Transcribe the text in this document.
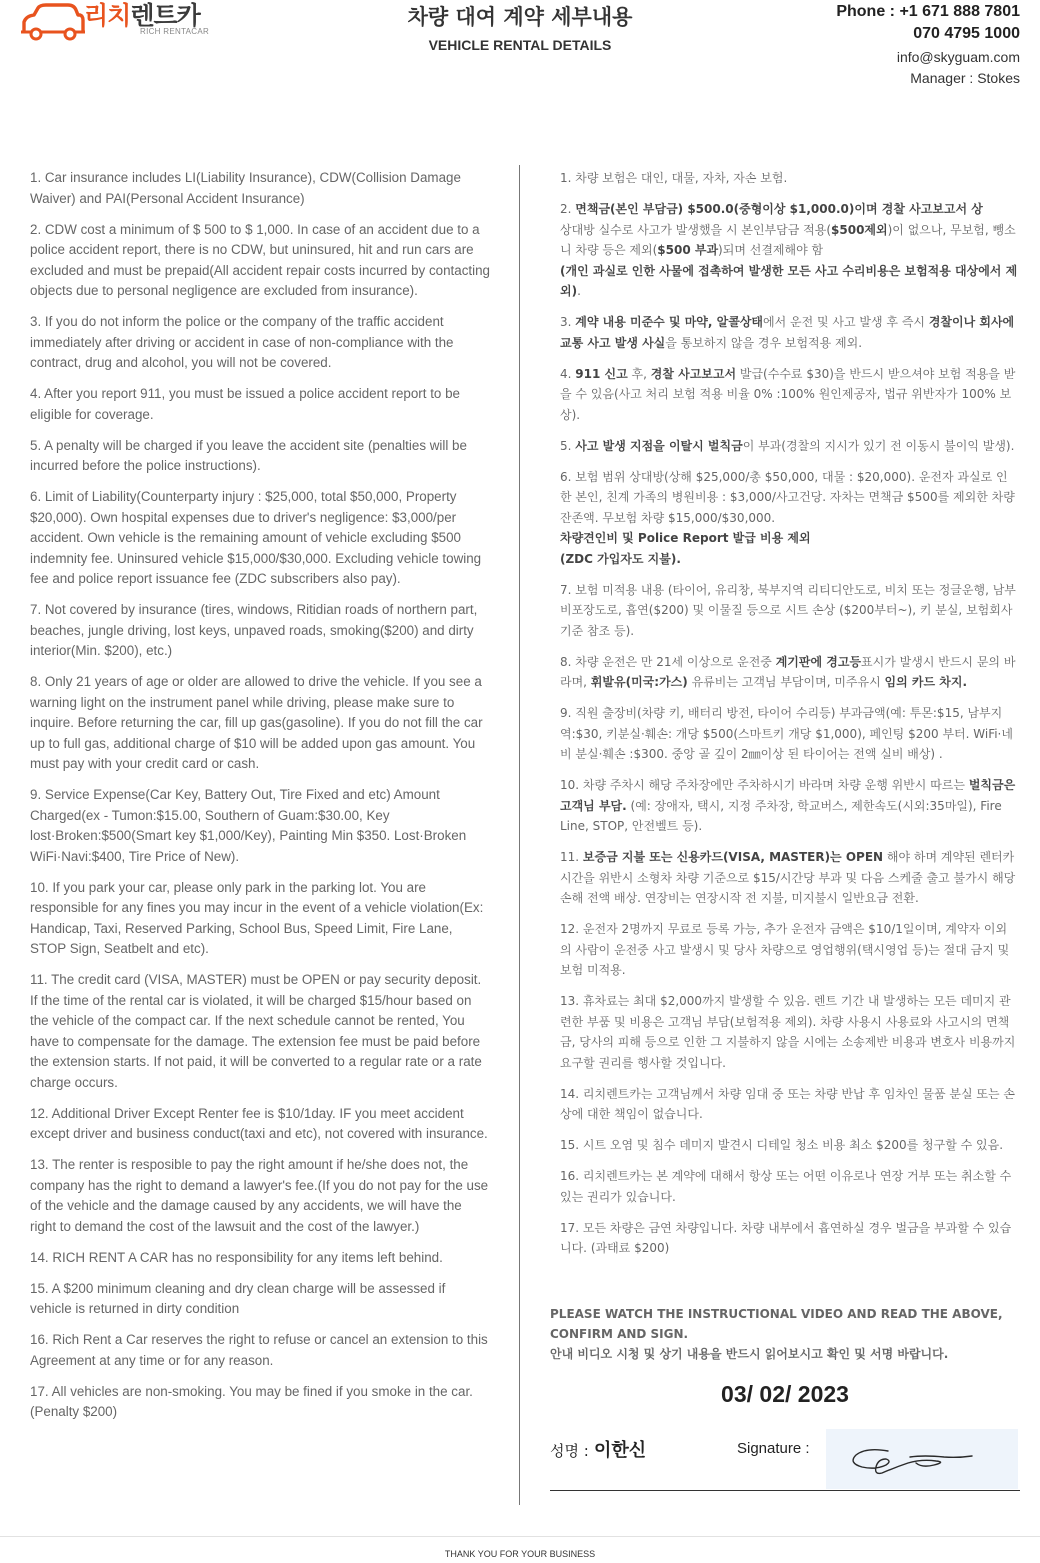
리치렌트카
RICH RENTACAR
차량 대여 계약 세부내용
VEHICLE RENTAL DETAILS
Phone : +1 671 888 7801
070 4795 1000
info@skyguam.com
Manager : Stokes
1. Car insurance includes LI(Liability Insurance), CDW(Collision Damage Waiver) and PAI(Personal Accident Insurance)
2. CDW cost a minimum of $ 500 to $ 1,000. In case of an accident due to a police accident report, there is no CDW, but uninsured, hit and run cars are excluded and must be prepaid(All accident repair costs incurred by contacting objects due to personal negligence are excluded from insurance).
3. If you do not inform the police or the company of the traffic accident immediately after driving or accident in case of non-compliance with the contract, drug and alcohol, you will not be covered.
4. After you report 911, you must be issued a police accident report to be eligible for coverage.
5. A penalty will be charged if you leave the accident site (penalties will be incurred before the police instructions).
6. Limit of Liability(Counterparty injury : $25,000, total $50,000, Property $20,000). Own hospital expenses due to driver's negligence: $3,000/per accident. Own vehicle is the remaining amount of vehicle excluding $500 indemnity fee. Uninsured vehicle $15,000/$30,000. Excluding vehicle towing fee and police report issuance fee (ZDC subscribers also pay).
7. Not covered by insurance (tires, windows, Ritidian roads of northern part, beaches, jungle driving, lost keys, unpaved roads, smoking($200) and dirty interior(Min. $200), etc.)
8. Only 21 years of age or older are allowed to drive the vehicle. If you see a warning light on the instrument panel while driving, please make sure to inquire. Before returning the car, fill up gas(gasoline). If you do not fill the car up to full gas, additional charge of $10 will be added upon gas amount. You must pay with your credit card or cash.
9. Service Expense(Car Key, Battery Out, Tire Fixed and etc) Amount Charged(ex - Tumon:$15.00, Southern of Guam:$30.00, Key lost·Broken:$500(Smart key $1,000/Key), Painting Min $350. Lost·Broken WiFi·Navi:$400, Tire Price of New).
10. If you park your car, please only park in the parking lot. You are responsible for any fines you may incur in the event of a vehicle violation(Ex: Handicap, Taxi, Reserved Parking, School Bus, Speed Limit, Fire Lane, STOP Sign, Seatbelt and etc).
11. The credit card (VISA, MASTER) must be OPEN or pay security deposit. If the time of the rental car is violated, it will be charged $15/hour based on the vehicle of the compact car. If the next schedule cannot be rented, You have to compensate for the damage. The extension fee must be paid before the extension starts. If not paid, it will be converted to a regular rate or a rate charge occurs.
12. Additional Driver Except Renter fee is $10/1day. IF you meet accident except driver and business conduct(taxi and etc), not covered with insurance.
13. The renter is resposible to pay the right amount if he/she does not, the company has the right to demand a lawyer's fee.(If you do not pay for the use of the vehicle and the damage caused by any accidents, we will have the right to demand the cost of the lawsuit and the cost of the lawyer.)
14. RICH RENT A CAR has no responsibility for any items left behind.
15. A $200 minimum cleaning and dry clean charge will be assessed if vehicle is returned in dirty condition
16. Rich Rent a Car reserves the right to refuse or cancel an extension to this Agreement at any time or for any reason.
17. All vehicles are non-smoking. You may be fined if you smoke in the car. (Penalty $200)
1. 차량 보험은 대인, 대물, 자차, 자손 보험.
2. 면책금(본인 부담금) $500.0(중형이상 $1,000.0)이며 경찰 사고보고서 상
상대방 실수로 사고가 발생했을 시 본인부담금 적용($500제외)이 없으나, 무보험, 뺑소니 차량 등은 제외($500 부과)되며 선결제해야 함
(개인 과실로 인한 사물에 접촉하여 발생한 모든 사고 수리비용은 보험적용 대상에서 제외).
3. 계약 내용 미준수 및 마약, 알콜상태에서 운전 및 사고 발생 후 즉시 경찰이나 회사에 교통 사고 발생 사실을 통보하지 않을 경우 보험적용 제외.
4. 911 신고 후, 경찰 사고보고서 발급(수수료 $30)을 반드시 받으셔야 보험 적용을 받을 수 있음(사고 처리 보험 적용 비율 0% :100% 원인제공자, 법규 위반자가 100% 보상).
5. 사고 발생 지점을 이탈시 벌칙금이 부과(경찰의 지시가 있기 전 이동시 불이익 발생).
6. 보험 범위 상대방(상해 $25,000/총 $50,000, 대물 : $20,000). 운전자 과실로 인한 본인, 친계 가족의 병원비용 : $3,000/사고건당. 자차는 면책금 $500를 제외한 차량 잔존액. 무보험 차량 $15,000/$30,000.
차량견인비 및 Police Report 발급 비용 제외
(ZDC 가입자도 지불).
7. 보험 미적용 내용 (타이어, 유리창, 북부지역 리티디안도로, 비치 또는 정글운행, 남부 비포장도로, 흡연($200) 및 이물질 등으로 시트 손상 ($200부터~), 키 분실, 보험회사 기준 참조 등).
8. 차량 운전은 만 21세 이상으로 운전중 계기판에 경고등표시가 발생시 반드시 문의 바라며, 휘발유(미국:가스) 유류비는 고객님 부담이며, 미주유시 임의 카드 차지.
9. 직원 출장비(차량 키, 배터리 방전, 타이어 수리등) 부과금액(예: 투몬:$15, 남부지역:$30, 키분실·훼손: 개당 $500(스마트키 개당 $1,000), 페인팅 $200 부터. WiFi·네비 분실·훼손 :$300. 중앙 골 깊이 2㎜이상 된 타이어는 전액 실비 배상) .
10. 차량 주차시 해당 주차장에만 주차하시기 바라며 차량 운행 위반시 따르는 벌칙금은 고객님 부담. (예: 장애자, 택시, 지정 주차장, 학교버스, 제한속도(시외:35마일), Fire Line, STOP, 안전벨트 등).
11. 보증금 지불 또는 신용카드(VISA, MASTER)는 OPEN 해야 하며 계약된 렌터카 시간을 위반시 소형차 차량 기준으로 $15/시간당 부과 및 다음 스케줄 출고 불가시 해당 손해 전액 배상. 연장비는 연장시작 전 지불, 미지불시 일반요금 전환.
12. 운전자 2명까지 무료로 등록 가능, 추가 운전자 금액은 $10/1일이며, 계약자 이외의 사람이 운전중 사고 발생시 및 당사 차량으로 영업행위(택시영업 등)는 절대 금지 및 보험 미적용.
13. 휴차료는 최대 $2,000까지 발생할 수 있음. 렌트 기간 내 발생하는 모든 데미지 관련한 부품 및 비용은 고객님 부담(보험적용 제외). 차량 사용시 사용료와 사고시의 면책금, 당사의 피해 등으로 인한 그 지불하지 않을 시에는 소송제반 비용과 변호사 비용까지 요구할 권리를 행사할 것입니다.
14. 리치렌트카는 고객님께서 차량 임대 중 또는 차량 반납 후 임차인 물품 분실 또는 손상에 대한 책임이 없습니다.
15. 시트 오염 및 침수 데미지 발견시 디테일 청소 비용 최소 $200를 청구할 수 있음.
16. 리치렌트카는 본 계약에 대해서 항상 또는 어떤 이유로나 연장 거부 또는 취소할 수 있는 권리가 있습니다.
17. 모든 차량은 금연 차량입니다. 차량 내부에서 흡연하실 경우 벌금을 부과할 수 있습니다. (과태료 $200)
PLEASE WATCH THE INSTRUCTIONAL VIDEO AND READ THE ABOVE, CONFIRM AND SIGN.
안내 비디오 시청 및 상기 내용을 반드시 읽어보시고 확인 및 서명 바랍니다.
03/ 02/ 2023
성명 : 이한신	Signature :
THANK YOU FOR YOUR BUSINESS
